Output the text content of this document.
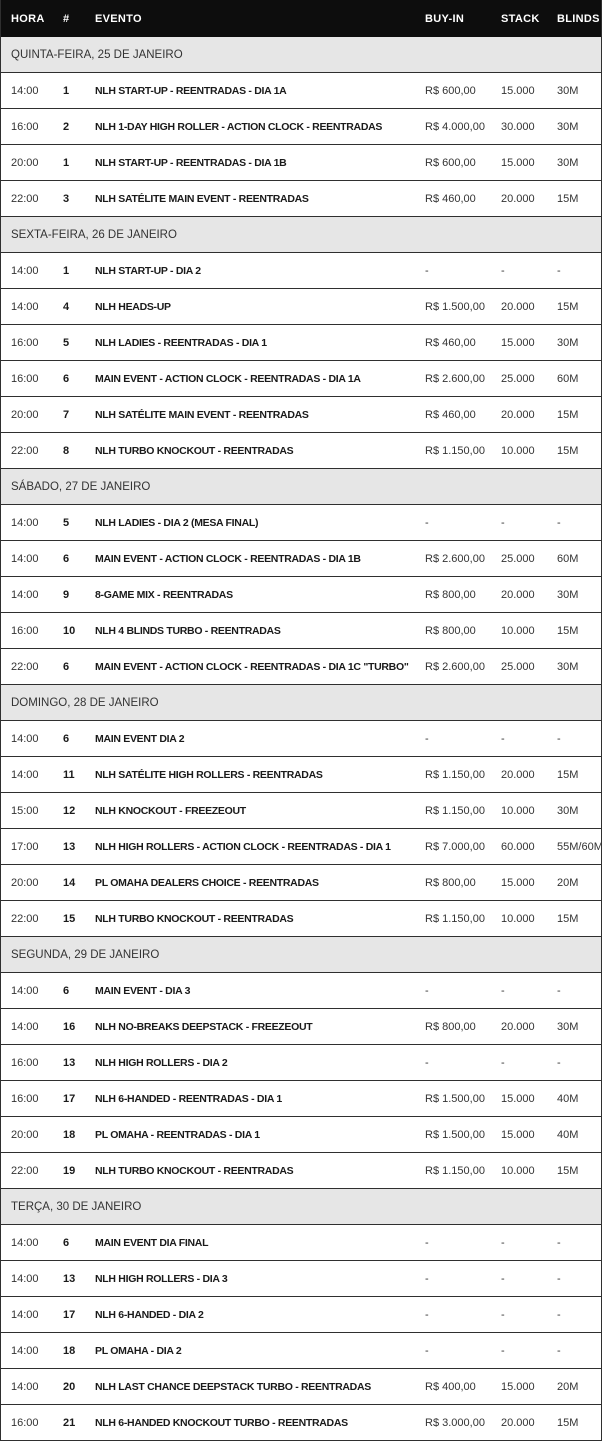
HORA	#	EVENTO	BUY-IN	STACK	BLINDS
QUINTA-FEIRA, 25 DE JANEIRO
14:00	1	NLH START-UP - REENTRADAS - DIA 1A	R$ 600,00	15.000	30M
16:00	2	NLH 1-DAY HIGH ROLLER - ACTION CLOCK - REENTRADAS	R$ 4.000,00	30.000	30M
20:00	1	NLH START-UP - REENTRADAS - DIA 1B	R$ 600,00	15.000	30M
22:00	3	NLH SATÉLITE MAIN EVENT - REENTRADAS	R$ 460,00	20.000	15M
SEXTA-FEIRA, 26 DE JANEIRO
14:00	1	NLH START-UP - DIA 2	-	-	-
14:00	4	NLH HEADS-UP	R$ 1.500,00	20.000	15M
16:00	5	NLH LADIES - REENTRADAS - DIA 1	R$ 460,00	15.000	30M
16:00	6	MAIN EVENT - ACTION CLOCK - REENTRADAS - DIA 1A	R$ 2.600,00	25.000	60M
20:00	7	NLH SATÉLITE MAIN EVENT - REENTRADAS	R$ 460,00	20.000	15M
22:00	8	NLH TURBO KNOCKOUT - REENTRADAS	R$ 1.150,00	10.000	15M
SÁBADO, 27 DE JANEIRO
14:00	5	NLH LADIES - DIA 2 (MESA FINAL)	-	-	-
14:00	6	MAIN EVENT - ACTION CLOCK - REENTRADAS - DIA 1B	R$ 2.600,00	25.000	60M
14:00	9	8-GAME MIX - REENTRADAS	R$ 800,00	20.000	30M
16:00	10	NLH 4 BLINDS TURBO - REENTRADAS	R$ 800,00	10.000	15M
22:00	6	MAIN EVENT - ACTION CLOCK - REENTRADAS - DIA 1C "TURBO"	R$ 2.600,00	25.000	30M
DOMINGO, 28 DE JANEIRO
14:00	6	MAIN EVENT DIA 2	-	-	-
14:00	11	NLH SATÉLITE HIGH ROLLERS - REENTRADAS	R$ 1.150,00	20.000	15M
15:00	12	NLH KNOCKOUT - FREEZEOUT	R$ 1.150,00	10.000	30M
17:00	13	NLH HIGH ROLLERS - ACTION CLOCK - REENTRADAS - DIA 1	R$ 7.000,00	60.000	55M/60M
20:00	14	PL OMAHA DEALERS CHOICE - REENTRADAS	R$ 800,00	15.000	20M
22:00	15	NLH TURBO KNOCKOUT - REENTRADAS	R$ 1.150,00	10.000	15M
SEGUNDA, 29 DE JANEIRO
14:00	6	MAIN EVENT - DIA 3	-	-	-
14:00	16	NLH NO-BREAKS DEEPSTACK - FREEZEOUT	R$ 800,00	20.000	30M
16:00	13	NLH HIGH ROLLERS - DIA 2	-	-	-
16:00	17	NLH 6-HANDED - REENTRADAS - DIA 1	R$ 1.500,00	15.000	40M
20:00	18	PL OMAHA - REENTRADAS - DIA 1	R$ 1.500,00	15.000	40M
22:00	19	NLH TURBO KNOCKOUT - REENTRADAS	R$ 1.150,00	10.000	15M
TERÇA, 30 DE JANEIRO
14:00	6	MAIN EVENT DIA FINAL	-	-	-
14:00	13	NLH HIGH ROLLERS - DIA 3	-	-	-
14:00	17	NLH 6-HANDED - DIA 2	-	-	-
14:00	18	PL OMAHA - DIA 2	-	-	-
14:00	20	NLH LAST CHANCE DEEPSTACK TURBO - REENTRADAS	R$ 400,00	15.000	20M
16:00	21	NLH 6-HANDED KNOCKOUT TURBO - REENTRADAS	R$ 3.000,00	20.000	15M
